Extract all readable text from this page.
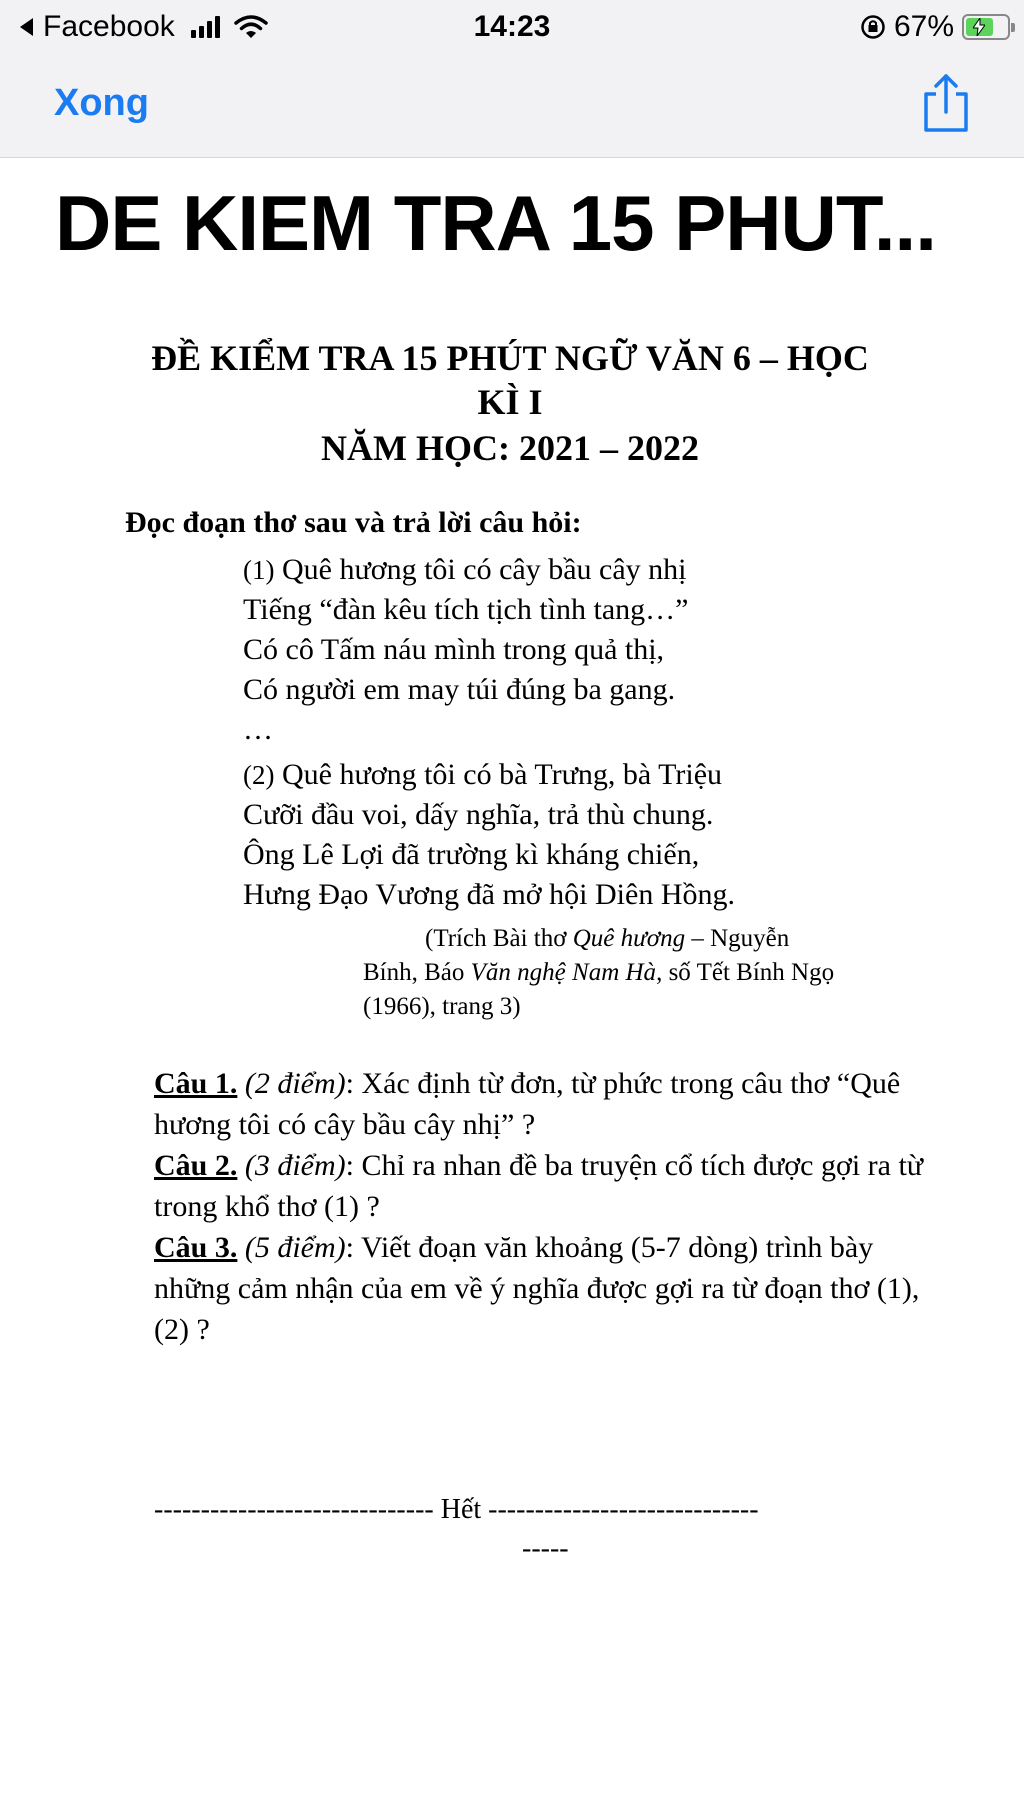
Facebook	14:23	67%
Xong
DE KIEM TRA 15 PHUT...
ĐỀ KIỂM TRA 15 PHÚT NGỮ VĂN 6 – HỌC
KÌ I
NĂM HỌC: 2021 – 2022
Đọc đoạn thơ sau và trả lời câu hỏi:
(1) Quê hương tôi có cây bầu cây nhị
Tiếng “đàn kêu tích tịch tình tang…”
Có cô Tấm náu mình trong quả thị,
Có người em may túi đúng ba gang.
…
(2) Quê hương tôi có bà Trưng, bà Triệu
Cưỡi đầu voi, dấy nghĩa, trả thù chung.
Ông Lê Lợi đã trường kì kháng chiến,
Hưng Đạo Vương đã mở hội Diên Hồng.
(Trích Bài thơ Quê hương – Nguyễn
Bính, Báo Văn nghệ Nam Hà, số Tết Bính Ngọ
(1966), trang 3)
Câu 1. (2 điểm): Xác định từ đơn, từ phức trong câu thơ “Quê hương tôi có cây bầu cây nhị” ?
Câu 2. (3 điểm): Chỉ ra nhan đề ba truyện cổ tích được gợi ra từ trong khổ thơ (1) ?
Câu 3. (5 điểm): Viết đoạn văn khoảng (5-7 dòng) trình bày những cảm nhận của em về ý nghĩa được gợi ra từ đoạn thơ (1), (2) ?
------------------------------ Hết -----------------------------
-----
